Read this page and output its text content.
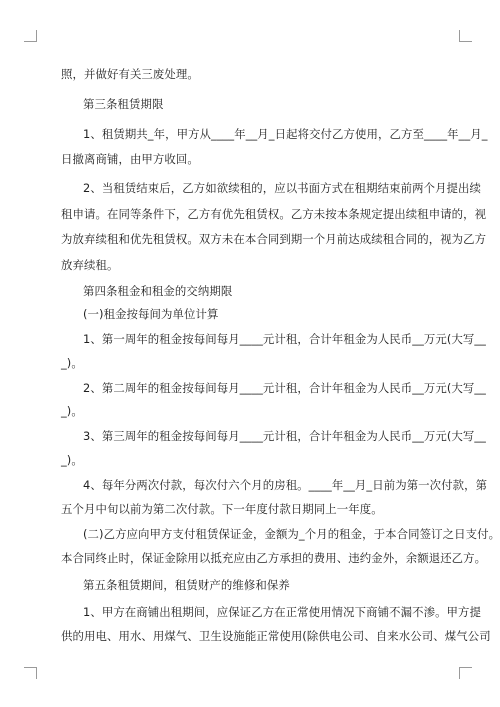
照，并做好有关三废处理。
第三条租赁期限
1、租赁期共_年，甲方从____年__月_日起将交付乙方使用，乙方至____年__月_
日撤离商铺，由甲方收回。
2、当租赁结束后，乙方如欲续租的，应以书面方式在租期结束前两个月提出续
租申请。在同等条件下，乙方有优先租赁权。乙方未按本条规定提出续租申请的，视
为放弃续租和优先租赁权。双方未在本合同到期一个月前达成续租合同的，视为乙方
放弃续租。
第四条租金和租金的交纳期限
(一)租金按每间为单位计算
1、第一周年的租金按每间每月____元计租，合计年租金为人民币__万元(大写__
_)。
2、第二周年的租金按每间每月____元计租，合计年租金为人民币__万元(大写__
_)。
3、第三周年的租金按每间每月____元计租，合计年租金为人民币__万元(大写__
_)。
4、每年分两次付款，每次付六个月的房租。____年__月_日前为第一次付款，第
五个月中旬以前为第二次付款。下一年度付款日期同上一年度。
(二)乙方应向甲方支付租赁保证金，金额为_个月的租金，于本合同签订之日支付。
本合同终止时，保证金除用以抵充应由乙方承担的费用、违约金外，余额退还乙方。
第五条租赁期间，租赁财产的维修和保养
1、甲方在商铺出租期间，应保证乙方在正常使用情况下商铺不漏不渗。甲方提
供的用电、用水、用煤气、卫生设施能正常使用(除供电公司、自来水公司、煤气公司
